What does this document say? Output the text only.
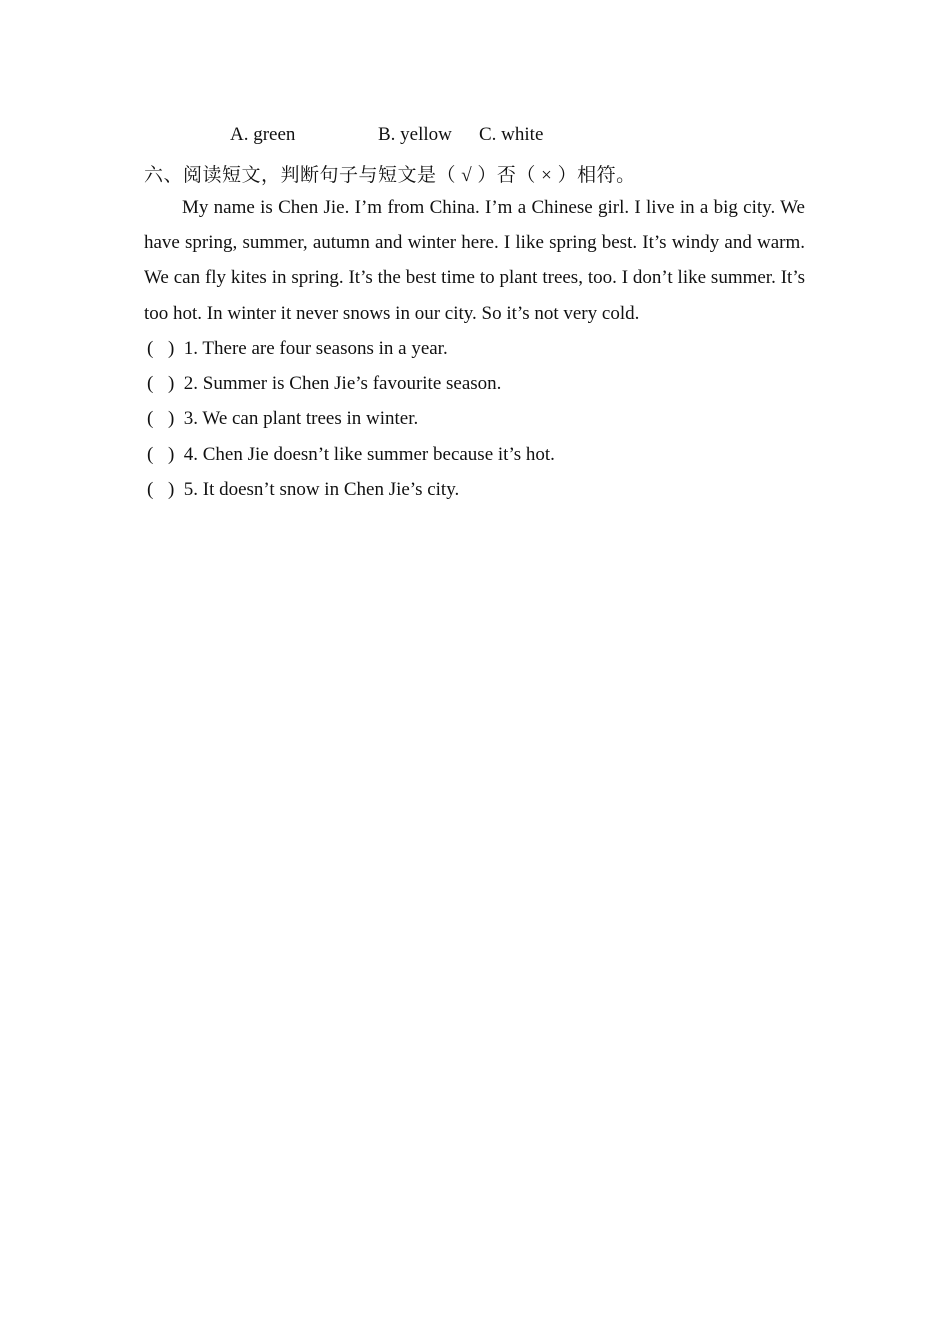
A. green	B. yellow C. white
六、阅读短文，判断句子与短文是（ √ ）否（ × ）相符。

My name is Chen Jie. I’m from China. I’m a Chinese girl. I live in a big city. We have spring, summer, autumn and winter here. I like spring best. It’s windy and warm. We can fly kites in spring. It’s the best time to plant trees, too. I don’t like summer. It’s too hot. In winter it never snows in our city. So it’s not very cold.

( ) 1. There are four seasons in a year.
( ) 2. Summer is Chen Jie’s favourite season.
( ) 3. We can plant trees in winter.
( ) 4. Chen Jie doesn’t like summer because it’s hot.
( ) 5. It doesn’t snow in Chen Jie’s city.
